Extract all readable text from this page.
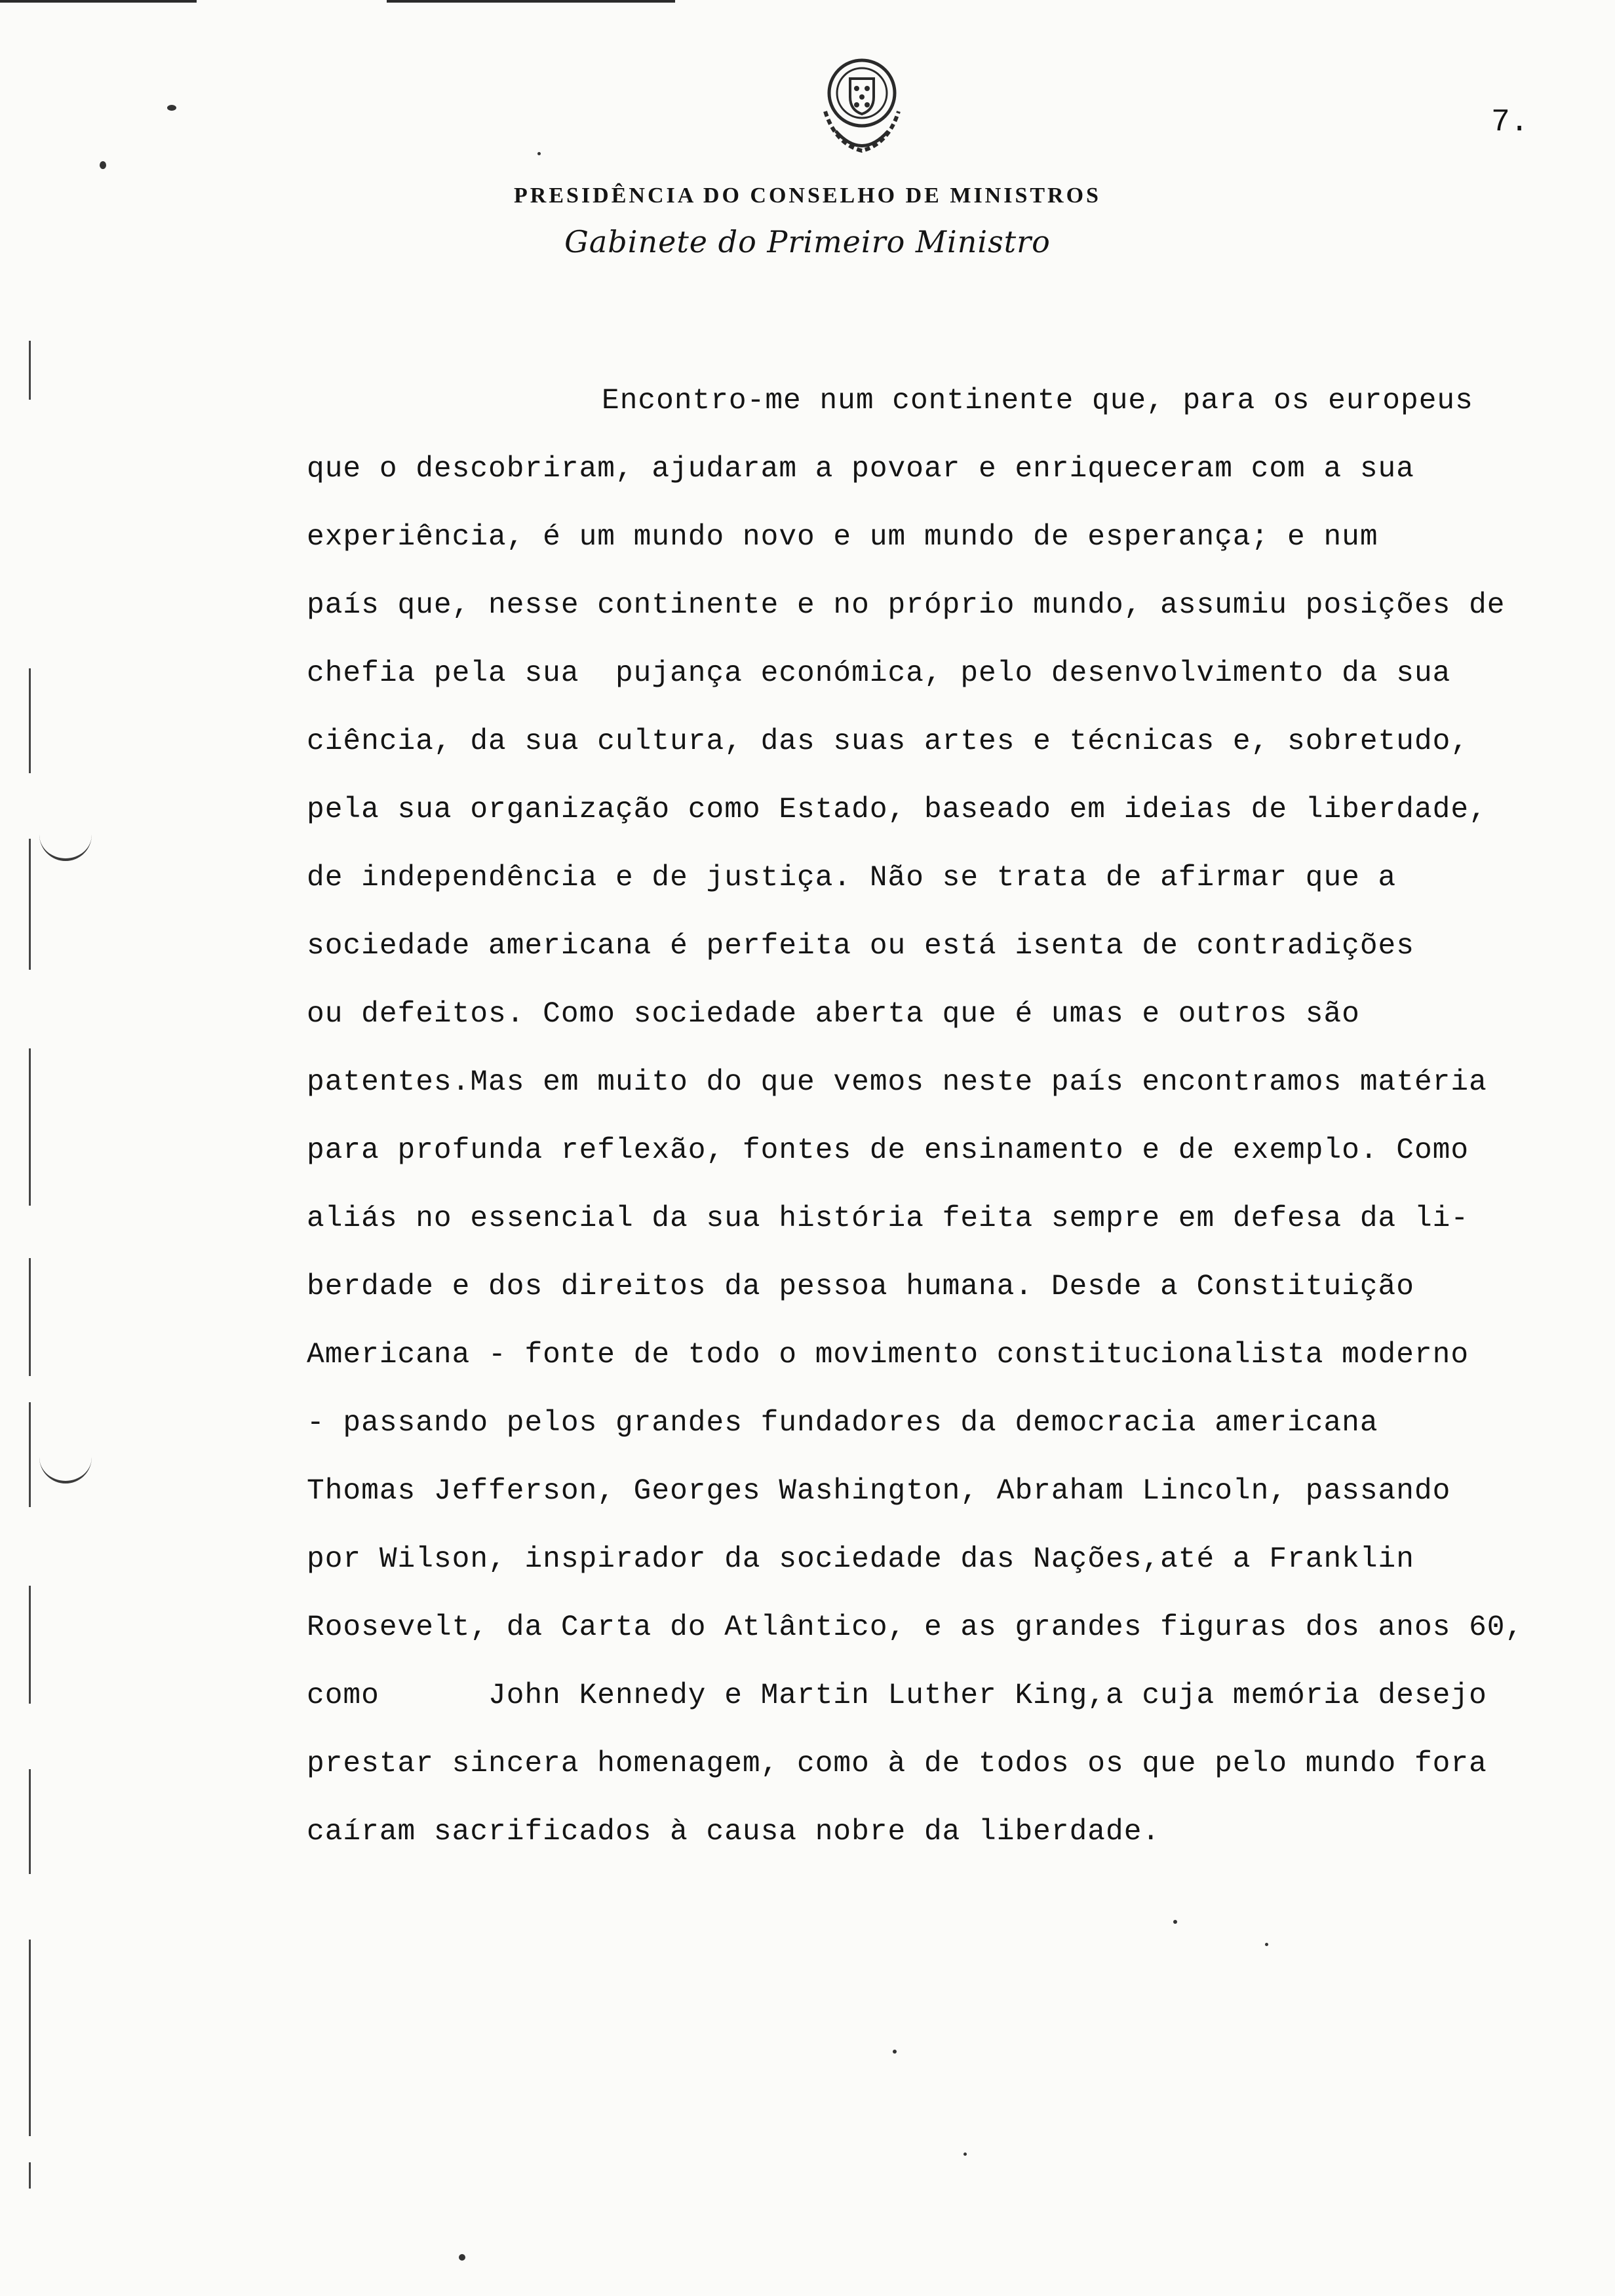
7.
PRESIDÊNCIA DO CONSELHO DE MINISTROS
Gabinete do Primeiro Ministro
Encontro-me num continente que, para os europeus
que o descobriram, ajudaram a povoar e enriqueceram com a sua
experiência, é um mundo novo e um mundo de esperança; e num
país que, nesse continente e no próprio mundo, assumiu posições de
chefia pela sua  pujança económica, pelo desenvolvimento da sua
ciência, da sua cultura, das suas artes e técnicas e, sobretudo,
pela sua organização como Estado, baseado em ideias de liberdade,
de independência e de justiça. Não se trata de afirmar que a
sociedade americana é perfeita ou está isenta de contradições
ou defeitos. Como sociedade aberta que é umas e outros são
patentes.Mas em muito do que vemos neste país encontramos matéria
para profunda reflexão, fontes de ensinamento e de exemplo. Como
aliás no essencial da sua história feita sempre em defesa da li-
berdade e dos direitos da pessoa humana. Desde a Constituição
Americana - fonte de todo o movimento constitucionalista moderno
- passando pelos grandes fundadores da democracia americana
Thomas Jefferson, Georges Washington, Abraham Lincoln, passando
por Wilson, inspirador da sociedade das Nações,até a Franklin
Roosevelt, da Carta do Atlântico, e as grandes figuras dos anos 60,
como      John Kennedy e Martin Luther King,a cuja memória desejo
prestar sincera homenagem, como à de todos os que pelo mundo fora
caíram sacrificados à causa nobre da liberdade.
